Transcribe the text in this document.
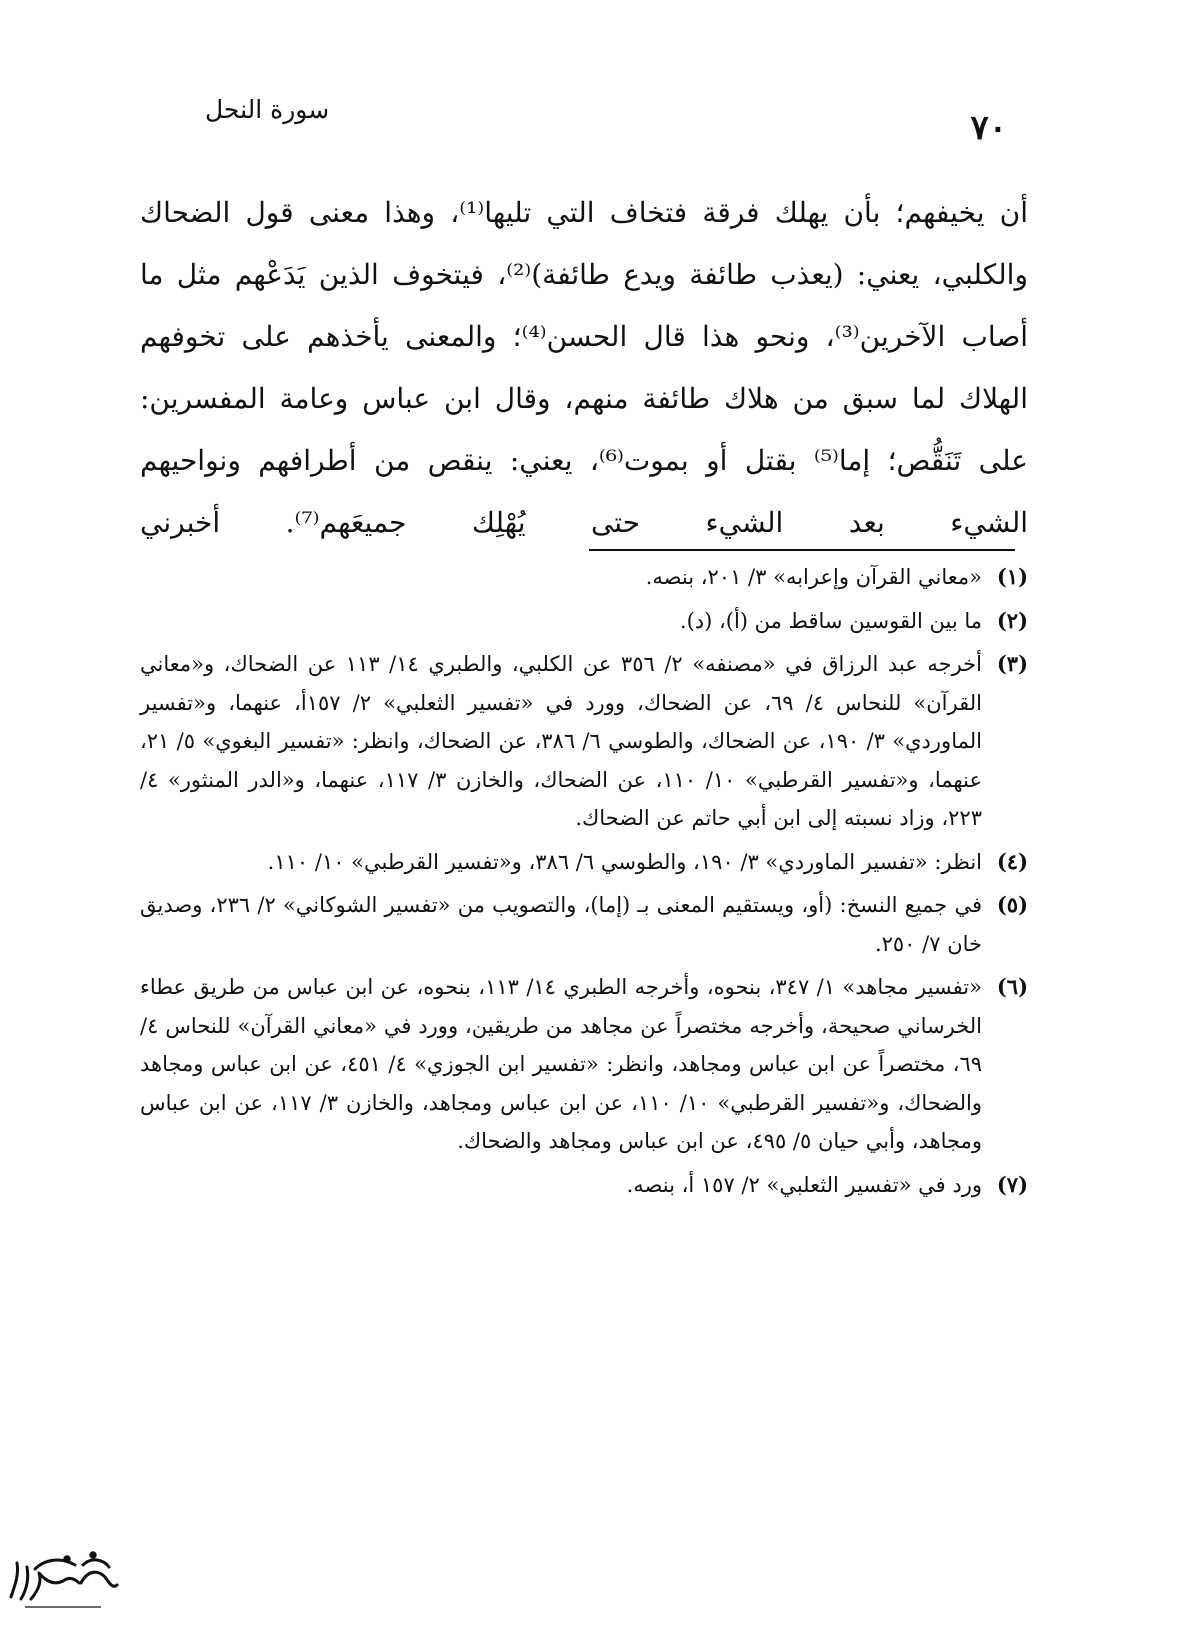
٧٠
سورة النحل

أن يخيفهم؛ بأن يهلك فرقة فتخاف التي تليها⁽¹⁾، وهذا معنى قول الضحاك والكلبي، يعني: (يعذب طائفة ويدع طائفة)⁽²⁾، فيتخوف الذين يَدَعْهم مثل ما أصاب الآخرين⁽³⁾، ونحو هذا قال الحسن⁽⁴⁾؛ والمعنى يأخذهم على تخوفهم الهلاك لما سبق من هلاك طائفة منهم، وقال ابن عباس وعامة المفسرين: على تَنَقُّص؛ إما⁽⁵⁾ بقتل أو بموت⁽⁶⁾، يعني: ينقص من أطرافهم ونواحيهم الشيء بعد الشيء حتى يُهْلِك جميعَهم⁽⁷⁾. أخبرني

(١)
«معاني القرآن وإعرابه» ٣/ ٢٠١، بنصه.
(٢)
ما بين القوسين ساقط من (أ)، (د).
(٣)
أخرجه عبد الرزاق في «مصنفه» ٢/ ٣٥٦ عن الكلبي، والطبري ١٤/ ١١٣ عن الضحاك، و«معاني القرآن» للنحاس ٤/ ٦٩، عن الضحاك، وورد في «تفسير الثعلبي» ٢/ ١٥٧أ، عنهما، و«تفسير الماوردي» ٣/ ١٩٠، عن الضحاك، والطوسي ٦/ ٣٨٦، عن الضحاك، وانظر: «تفسير البغوي» ٥/ ٢١، عنهما، و«تفسير القرطبي» ١٠/ ١١٠، عن الضحاك، والخازن ٣/ ١١٧، عنهما، و«الدر المنثور» ٤/ ٢٢٣، وزاد نسبته إلى ابن أبي حاتم عن الضحاك.
(٤)
انظر: «تفسير الماوردي» ٣/ ١٩٠، والطوسي ٦/ ٣٨٦، و«تفسير القرطبي» ١٠/ ١١٠.
(٥)
في جميع النسخ: (أو، ويستقيم المعنى بـ (إما)، والتصويب من «تفسير الشوكاني» ٢/ ٢٣٦، وصديق خان ٧/ ٢٥٠.
(٦)
«تفسير مجاهد» ١/ ٣٤٧، بنحوه، وأخرجه الطبري ١٤/ ١١٣، بنحوه، عن ابن عباس من طريق عطاء الخرساني صحيحة، وأخرجه مختصراً عن مجاهد من طريقين، وورد في «معاني القرآن» للنحاس ٤/ ٦٩، مختصراً عن ابن عباس ومجاهد، وانظر: «تفسير ابن الجوزي» ٤/ ٤٥١، عن ابن عباس ومجاهد والضحاك، و«تفسير القرطبي» ١٠/ ١١٠، عن ابن عباس ومجاهد، والخازن ٣/ ١١٧، عن ابن عباس ومجاهد، وأبي حيان ٥/ ٤٩٥، عن ابن عباس ومجاهد والضحاك.
(٧)
ورد في «تفسير الثعلبي» ٢/ ١٥٧ أ، بنصه.
